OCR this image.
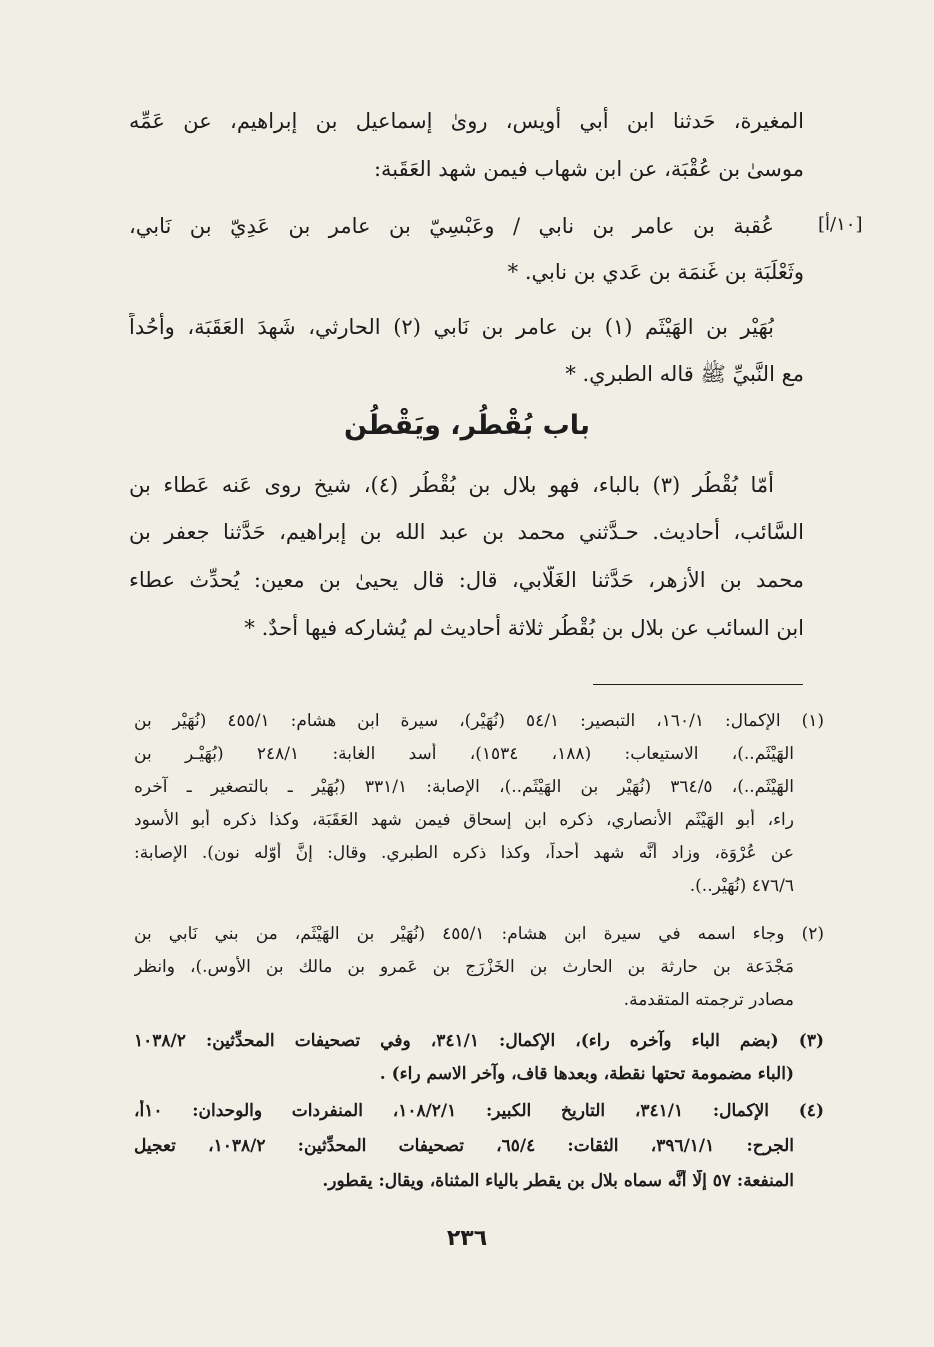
المغيرة، حَدثنا ابن أبي أويس، روىٰ إسماعيل بن إبراهيم، عن عَمِّه
موسىٰ بن عُقْبَة، عن ابن شهاب فيمن شهد العَقَبة:
[١٠/أ]
عُقبة بن عامر بن نابي / وعَبْسِيّ بن عامر بن عَدِيّ بن نَابي،
وثَعْلَبَة بن غَنمَة بن عَدي بن نابي. *
بُهَيْر بن الهَيْثَم (١) بن عامر بن نَابي (٢) الحارثي، شَهِدَ العَقَبَة، وأُحُداً
مع النَّبيِّ ﷺ قاله الطبري. *
باب بُقْطُر، ويَقْطُن
أمّا بُقْطُر (٣) بالباء، فهو بلال بن بُقْطُر (٤)، شيخ روى عَنه عَطاء بن
السَّائب، أحاديث. حـدَّثني محمد بن عبد الله بن إبراهيم، حَدَّثنا جعفر بن
محمد بن الأزهر، حَدَّثنا الغَلَّابي، قال: قال يحيىٰ بن معين: يُحدِّث عطاء
ابن السائب عن بلال بن بُقْطُر ثلاثة أحاديث لم يُشاركه فيها أحدٌ. *
(١) الإكمال: ١٦٠/١، التبصير: ٥٤/١ (نُهَيْر)، سيرة ابن هشام: ٤٥٥/١ (نُهَيْر بن
الهَيْثَم..)، الاستيعاب: (١٨٨، ١٥٣٤)، أسد الغابة: ٢٤٨/١ (بُهَيْـر بن
الهَيْثَم..)، ٣٦٤/٥ (نُهَيْر بن الهَيْثَم..)، الإصابة: ٣٣١/١ (بُهَيْر ـ بالتصغير ـ آخره
راء، أبو الهَيْثَم الأنصاري، ذكره ابن إسحاق فيمن شهد العَقَبَة، وكذا ذكره أبو الأسود
عن عُرْوَة، وزاد أنَّه شهد أُحداً، وكذا ذكره الطبري. وقال: إنَّ أوّله نون). الإصابة:
٤٧٦/٦ (نُهَيْر..).
(٢) وجاء اسمه في سيرة ابن هشام: ٤٥٥/١ (نُهَيْر بن الهَيْثَم، من بني نَابي بن
مَجْدَعة بن حارثة بن الحارث بن الخَزْرَج بن عَمرو بن مالك بن الأوس.)، وانظر
مصادر ترجمته المتقدمة.
(٣) (بضم الباء وآخره راء)، الإكمال: ٣٤١/١، وفي تصحيفات المحدِّثين: ١٠٣٨/٢
(الباء مضمومة تحتها نقطة، وبعدها قاف، وآخر الاسم راء) .
(٤) الإكمال: ٣٤١/١، التاريخ الكبير: ١٠٨/٢/١، المنفردات والوحدان: ١٠أ،
الجرح: ٣٩٦/١/١، الثقات: ٦٥/٤، تصحيفات المحدِّثين: ١٠٣٨/٢، تعجيل
المنفعة: ٥٧ إلّا أنَّه سماه بلال بن يقطر بالياء المثناة، ويقال: يقطور.
٢٣٦
